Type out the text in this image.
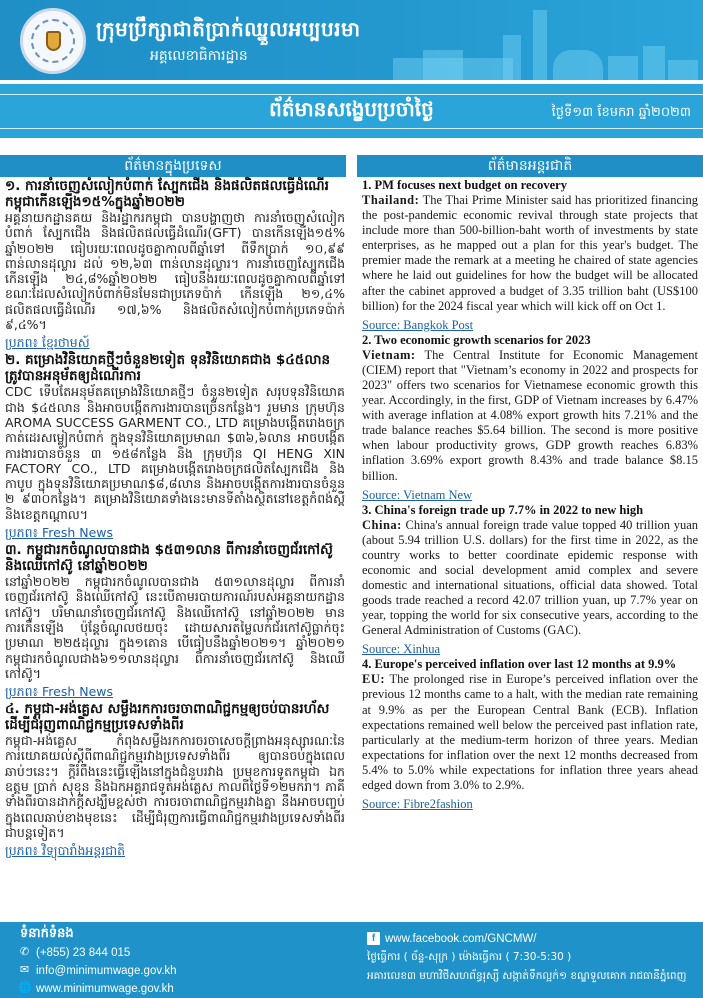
ក្រុមប្រឹក្សាជាតិប្រាក់ឈ្នួលអប្បបរមា
អគ្គលេខាធិការដ្ឋាន
ព័ត៌មានសង្ខេបប្រចាំថ្ងៃ	ថ្ងៃទី១៣ ខែមករា ឆ្នាំ២០២៣
ព័ត៌មានក្នុងប្រទេស	ព័ត៌មានអន្តរជាតិ
១. ការនាំចេញសំលៀកបំពាក់ ស្បែកជើង និងផលិតផលធ្វើដំណើរកម្ពុជាកើនឡើង១៥%ក្នុងឆ្នាំ២០២២
អគ្គនាយកដ្ឋានគយ និងរដ្ឋាករកម្ពុជា បានបង្ហាញថា ការនាំចេញសំលៀកបំពាក់ ស្បែកជើង និងផលិតផលធ្វើដំណើរ(GFT) បានកើនឡើង១៥% ឆ្នាំ២០២២ ធៀបរយៈពេលដូចគ្នាកាលពីឆ្នាំទៅ ពីទឹកប្រាក់ ១០,៩៩ ពាន់លានដុល្លារ ដល់ ១២,៦៣ ពាន់លានដុល្លារ។ ការនាំចេញស្បែកជើង កើនឡើង ២៤,៨%ឆ្នាំ២០២២ ធៀបនឹងរយៈពេលដូចគ្នាកាលពីឆ្នាំទៅ ខណៈដែលសំលៀកបំពាក់មិនមែនជាប្រភេទប៉ាក់ កើនឡើង ២១,៤% ផលិតផលធ្វើដំណើរ ១៧,៦% និងផលិតសំលៀកបំពាក់ប្រភេទប៉ាក់ ៩,៤%។
ប្រភព៖ ខ្មែរថាមស៍
២. គម្រោងវិនិយោគថ្មីៗចំនួន២ទៀត ទុនវិនិយោគជាង $៤៥លាន ត្រូវបានអនុម័តឲ្យដំណើរការ
CDC ទើបតែអនុម័តគម្រោងវិនិយោគថ្មីៗ ចំនួន២ទៀត សរុបទុនវិនិយោគជាង $៤៥លាន និងអាចបង្កើតការងារបានច្រើនកន្លែង។ រួមមាន ក្រុមហ៊ុន AROMA SUCCESS GARMENT CO., LTD គម្រោងបង្កើតរោងចក្រកាត់ដេរសម្លៀកបំពាក់ ក្នុងទុនវិនិយោគប្រមាណ $៣៦,៦លាន អាចបង្កើតការងារបានចំនួន ៣ ១៥៨កន្លែង និង ក្រុមហ៊ុន QI HENG XIN FACTORY CO., LTD គម្រោងបង្កើតរោងចក្រផលិតស្បែកជើង និងកាបូប ក្នុងទុនវិនិយោគប្រមាណ$៨,៨លាន និងអាចបង្កើតការងារបានចំនួន ២ ៩៣០កន្លែង។ គម្រោងវិនិយោគទាំងនេះមានទីតាំងស្ថិតនៅខេត្តកំពង់ស្ពឺ និងខេត្តកណ្ដាល។
ប្រភព៖ Fresh News
៣. កម្ពុជារកចំណូលបានជាង $៥៣១លាន ពីការនាំចេញជ័រកៅស៊ូ និងឈើកៅស៊ូ នៅឆ្នាំ២០២២
នៅឆ្នាំ២០២២ កម្ពុជារកចំណូលបានជាង ៥៣១លានដុល្លារ ពីការនាំចេញជ័រកៅស៊ូ និងឈើកៅស៊ូ នេះបើតាមរបាយការណ៍របស់អគ្គនាយកដ្ឋានកៅស៊ូ។ បរិមាណនាំចេញជ័រកៅស៊ូ និងឈើកៅស៊ូ នៅឆ្នាំ២០២២ មានការកើនឡើង ប៉ុន្តែចំណូលថយចុះ ដោយសារតម្លៃលក់ជ័រកៅស៊ូធ្លាក់ចុះប្រមាណ ២២៥ដុល្លារ ក្នុង១តោន បើធៀបនឹងឆ្នាំ២០២១។ ឆ្នាំ២០២១ កម្ពុជារកចំណូលជាង៦១១លានដុល្លារ ពីការនាំចេញជ័រកៅស៊ូ និងឈើកៅស៊ូ។
ប្រភព៖ Fresh News
៤. កម្ពុជា-អង់គ្លេស សម្លឹងរកការចរចាពាណិជ្ជកម្មឲ្យចប់បានរហ័ស ដើម្បីជំរុញពាណិជ្ជកម្មប្រទេសទាំងពីរ
កម្ពុជា-អង់គ្លេស កំពុងសម្លឹងរកការចរចាសេចក្តីព្រាងអនុស្សារណៈនៃការយោគយល់ស្តីពីពាណិជ្ជកម្មរវាងប្រទេសទាំងពីរ ឲ្យបានចប់ក្នុងពេលឆាប់ៗនេះ។ ក្តីរំពឹងនេះធ្វើឡើងនៅក្នុងជំនួបរវាង ប្រមុខការទូតកម្ពុជា ឯកឧត្តម ប្រាក់ សុខុន និងឯកអគ្គរាជទូតអង់គ្លេស កាលពីថ្ងៃទី១២មករា។ ភាគីទាំងពីរបានដាក់ក្តីសង្ឃឹមខ្ពស់ថា ការចរចាពាណិជ្ជកម្មរវាងគ្នា នឹងអាចបញ្ចប់ក្នុងពេលឆាប់ខាងមុខនេះ ដើម្បីជំរុញការធ្វើពាណិជ្ជកម្មរវាងប្រទេសទាំងពីរជាបន្តទៀត។
ប្រភព៖ វិទ្យុបារាំងអន្តរជាតិ
1. PM focuses next budget on recovery
Thailand: The Thai Prime Minister said has prioritized financing the post-pandemic economic revival through state projects that include more than 500-billion-baht worth of investments by state enterprises, as he mapped out a plan for this year's budget. The premier made the remark at a meeting he chaired of state agencies where he laid out guidelines for how the budget will be allocated after the cabinet approved a budget of 3.35 trillion baht (US$100 billion) for the 2024 fiscal year which will kick off on Oct 1.
Source: Bangkok Post
2. Two economic growth scenarios for 2023
Vietnam: The Central Institute for Economic Management (CIEM) report that "Vietnam’s economy in 2022 and prospects for 2023" offers two scenarios for Vietnamese economic growth this year. Accordingly, in the first, GDP of Vietnam increases by 6.47% with average inflation at 4.08% export growth hits 7.21% and the trade balance reaches $5.64 billion. The second is more positive when labour productivity grows, GDP growth reaches 6.83% inflation 3.69% export growth 8.43% and trade balance $8.15 billion.
Source: Vietnam New
3. China's foreign trade up 7.7% in 2022 to new high
China: China's annual foreign trade value topped 40 trillion yuan (about 5.94 trillion U.S. dollars) for the first time in 2022, as the country works to better coordinate epidemic response with economic and social development amid complex and severe domestic and international situations, official data showed. Total goods trade reached a record 42.07 trillion yuan, up 7.7% year on year, topping the world for six consecutive years, according to the General Administration of Customs (GAC).
Source: Xinhua
4. Europe's perceived inflation over last 12 months at 9.9%
EU: The prolonged rise in Europe’s perceived inflation over the previous 12 months came to a halt, with the median rate remaining at 9.9% as per the European Central Bank (ECB). Inflation expectations remained well below the perceived past inflation rate, particularly at the medium-term horizon of three years. Median expectations for inflation over the next 12 months decreased from 5.4% to 5.0% while expectations for inflation three years ahead edged down from 3.0% to 2.9%.
Source: Fibre2fashion
ទំនាក់ទំនង
✆ (+855) 23 844 015
✉ info@minimumwage.gov.kh
🌐 www.minimumwage.gov.kh
f www.facebook.com/GNCMW/
ថ្ងៃធ្វើការ ( ច័ន្ទ-សុក្រ ) ម៉ោងធ្វើការ ( 7:30-5:30 )
អគារលេខ៣ មហាវិថីសហព័ន្ធរុស្សី សង្កាត់ទឹកល្អក់១ ខណ្ឌទួលគោក រាជធានីភ្នំពេញ
